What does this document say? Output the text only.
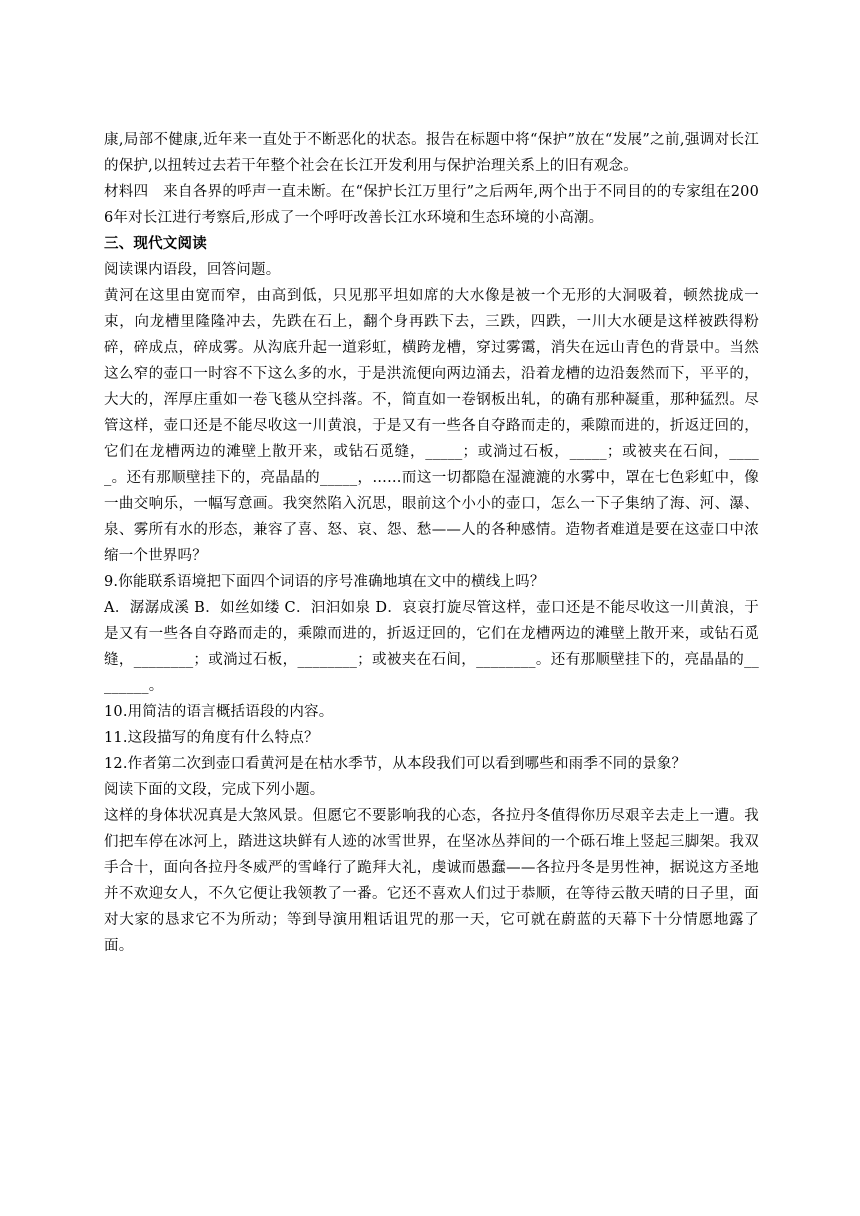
康,局部不健康,近年来一直处于不断恶化的状态。报告在标题中将“保护”放在“发展”之前,强调对长江的保护,以扭转过去若干年整个社会在长江开发利用与保护治理关系上的旧有观念。

材料四　来自各界的呼声一直未断。在“保护长江万里行”之后两年,两个出于不同目的的专家组在2006年对长江进行考察后,形成了一个呼吁改善长江水环境和生态环境的小高潮。

三、现代文阅读

阅读课内语段，回答问题。

黄河在这里由宽而窄，由高到低，只见那平坦如席的大水像是被一个无形的大洞吸着，顿然拢成一束，向龙槽里隆隆冲去，先跌在石上，翻个身再跌下去，三跌，四跌，一川大水硬是这样被跌得粉碎，碎成点，碎成雾。从沟底升起一道彩虹，横跨龙槽，穿过雾霭，消失在远山青色的背景中。当然这么窄的壶口一时容不下这么多的水，于是洪流便向两边涌去，沿着龙槽的边沿轰然而下，平平的，大大的，浑厚庄重如一卷飞毯从空抖落。不，简直如一卷钢板出轧，的确有那种凝重，那种猛烈。尽管这样，壶口还是不能尽收这一川黄浪，于是又有一些各自夺路而走的，乘隙而进的，折返迂回的，它们在龙槽两边的滩壁上散开来，或钻石觅缝，_____；或淌过石板，_____；或被夹在石间，_____。还有那顺壁挂下的，亮晶晶的_____，……而这一切都隐在湿漉漉的水雾中，罩在七色彩虹中，像一曲交响乐，一幅写意画。我突然陷入沉思，眼前这个小小的壶口，怎么一下子集纳了海、河、瀑、泉、雾所有水的形态，兼容了喜、怒、哀、怨、愁——人的各种感情。造物者难道是要在这壶口中浓缩一个世界吗？

9.你能联系语境把下面四个词语的序号准确地填在文中的横线上吗？

A．潺潺成溪 B．如丝如缕 C．汩汩如泉 D．哀哀打旋尽管这样，壶口还是不能尽收这一川黄浪，于是又有一些各自夺路而走的，乘隙而进的，折返迂回的，它们在龙槽两边的滩壁上散开来，或钻石觅缝，________；或淌过石板，________；或被夹在石间，________。还有那顺壁挂下的，亮晶晶的________。

10.用简洁的语言概括语段的内容。

11.这段描写的角度有什么特点？

12.作者第二次到壶口看黄河是在枯水季节，从本段我们可以看到哪些和雨季不同的景象？

阅读下面的文段，完成下列小题。

这样的身体状况真是大煞风景。但愿它不要影响我的心态，各拉丹冬值得你历尽艰辛去走上一遭。我们把车停在冰河上，踏进这块鲜有人迹的冰雪世界，在坚冰丛莽间的一个砾石堆上竖起三脚架。我双手合十，面向各拉丹冬威严的雪峰行了跪拜大礼，虔诚而愚蠢——各拉丹冬是男性神，据说这方圣地并不欢迎女人，不久它便让我领教了一番。它还不喜欢人们过于恭顺，在等待云散天晴的日子里，面对大家的恳求它不为所动；等到导演用粗话诅咒的那一天，它可就在蔚蓝的天幕下十分情愿地露了面。
